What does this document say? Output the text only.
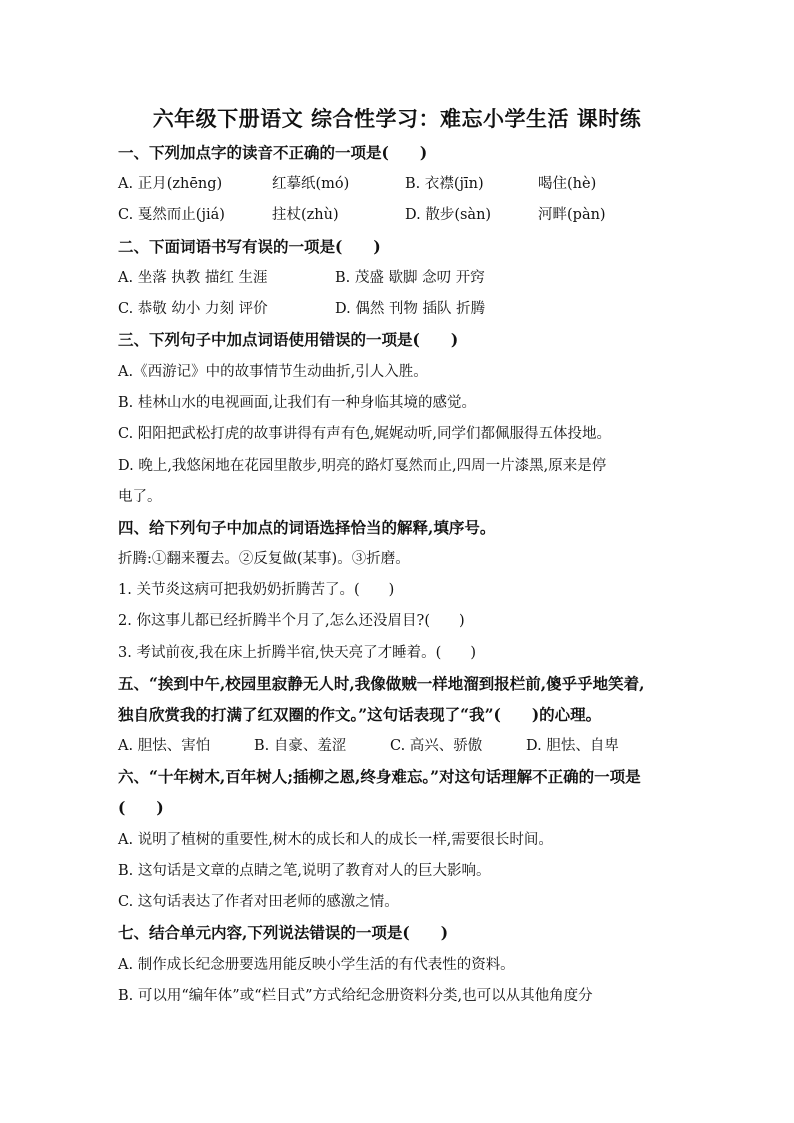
六年级下册语文 综合性学习：难忘小学生活 课时练
一、下列加点字的读音不正确的一项是(　　)
A. 正月(zhēng)	红摹纸(mó)	B. 衣襟(jīn)	喝住(hè)
C. 戛然而止(jiá)	拄杖(zhù)	D. 散步(sàn)	河畔(pàn)
二、下面词语书写有误的一项是(　　)
A. 坐落 执教 描红 生涯	B. 茂盛 歇脚 念叨 开窍
C. 恭敬 幼小 力刻 评价	D. 偶然 刊物 插队 折腾
三、下列句子中加点词语使用错误的一项是(　　)
A.《西游记》中的故事情节生动曲折,引人入胜。
B. 桂林山水的电视画面,让我们有一种身临其境的感觉。
C. 阳阳把武松打虎的故事讲得有声有色,娓娓动听,同学们都佩服得五体投地。
D. 晚上,我悠闲地在花园里散步,明亮的路灯戛然而止,四周一片漆黑,原来是停
电了。
四、给下列句子中加点的词语选择恰当的解释,填序号。
折腾:①翻来覆去。②反复做(某事)。③折磨。
1. 关节炎这病可把我奶奶折腾苦了。(　　)
2. 你这事儿都已经折腾半个月了,怎么还没眉目?(　　)
3. 考试前夜,我在床上折腾半宿,快天亮了才睡着。(　　)
五、“挨到中午,校园里寂静无人时,我像做贼一样地溜到报栏前,傻乎乎地笑着,
独自欣赏我的打满了红双圈的作文。”这句话表现了“我”(　　)的心理。
A. 胆怯、害怕	B. 自豪、羞涩	C. 高兴、骄傲	D. 胆怯、自卑
六、“十年树木,百年树人;插柳之恩,终身难忘。”对这句话理解不正确的一项是
(　　)
A. 说明了植树的重要性,树木的成长和人的成长一样,需要很长时间。
B. 这句话是文章的点睛之笔,说明了教育对人的巨大影响。
C. 这句话表达了作者对田老师的感激之情。
七、结合单元内容,下列说法错误的一项是(　　)
A. 制作成长纪念册要选用能反映小学生活的有代表性的资料。
B. 可以用“编年体”或“栏目式”方式给纪念册资料分类,也可以从其他角度分
